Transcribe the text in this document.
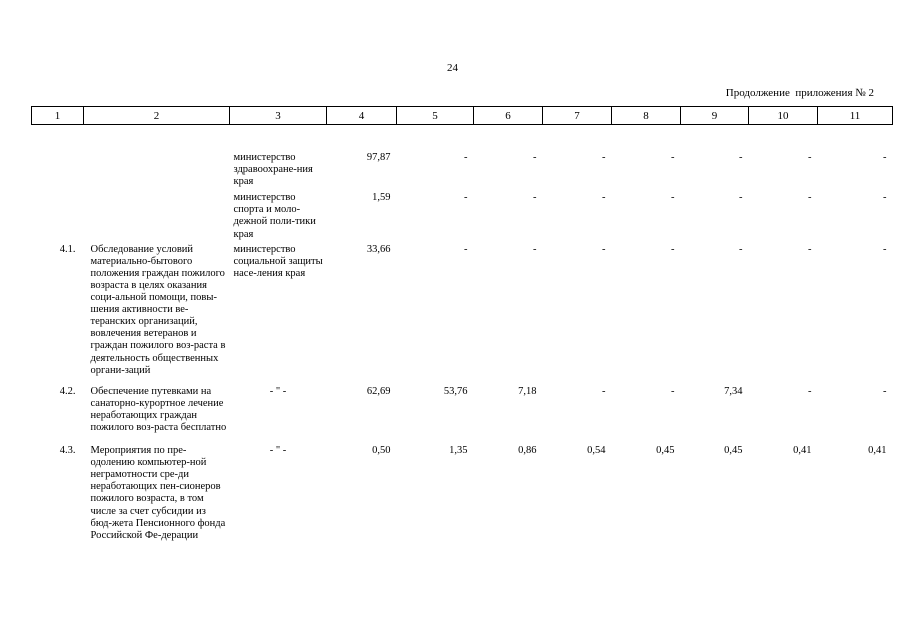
24
Продолжение  приложения № 2
1	2	3	4	5	6	7	8	9	10	11
		министерство здравоохране-ния края	97,87	-	-	-	-	-	-	-
		министерство спорта и моло-дежной поли-тики края	1,59	-	-	-	-	-	-	-
4.1.	Обследование условий материально-бытового положения граждан пожилого возраста в целях оказания соци-альной помощи, повы-шения активности ве-теранских организаций, вовлечения ветеранов и граждан пожилого воз-раста в деятельность общественных органи-заций	министерство социальной защиты насе-ления края	33,66	-	-	-	-	-	-	-
4.2.	Обеспечение путевками на санаторно-курортное лечение неработающих граждан пожилого воз-раста бесплатно	- " -	62,69	53,76	7,18	-	-	7,34	-	-
4.3.	Мероприятия по пре-одолению компьютер-ной неграмотности сре-ди неработающих пен-сионеров пожилого возраста, в том числе за счет субсидии из бюд-жета Пенсионного фонда Российской Фе-дерации	- " -	0,50	1,35	0,86	0,54	0,45	0,45	0,41	0,41
